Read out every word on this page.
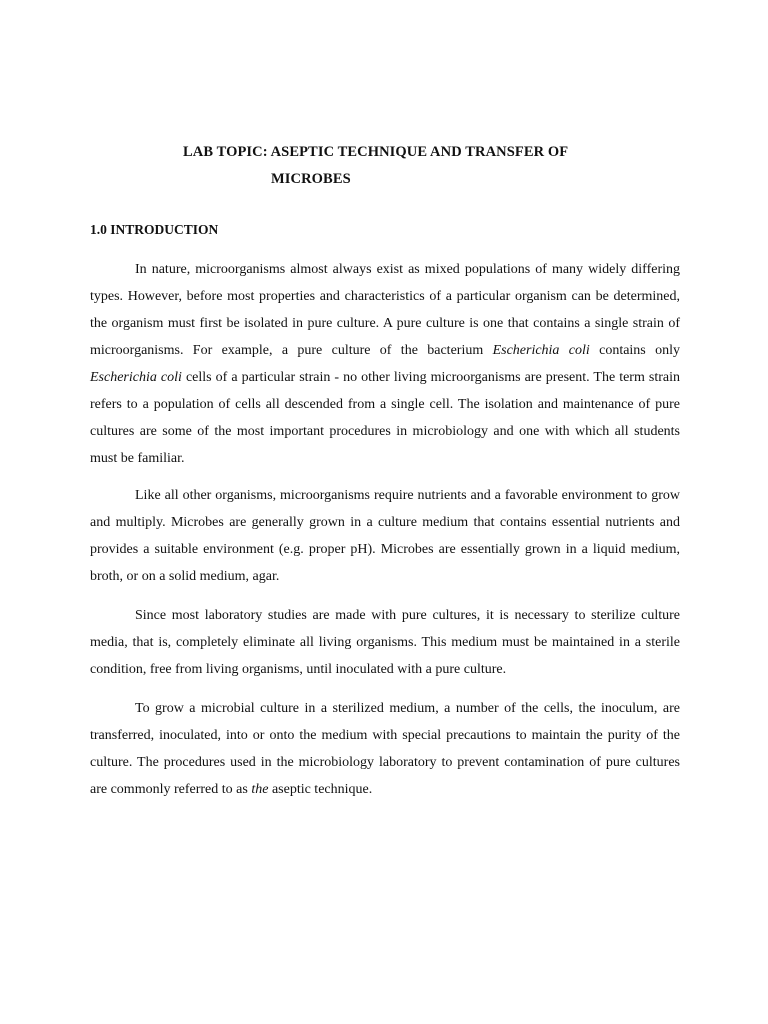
LAB TOPIC: ASEPTIC TECHNIQUE AND TRANSFER OF
MICROBES
1.0 INTRODUCTION

In nature, microorganisms almost always exist as mixed populations of many widely differing types. However, before most properties and characteristics of a particular organism can be determined, the organism must first be isolated in pure culture. A pure culture is one that contains a single strain of microorganisms. For example, a pure culture of the bacterium Escherichia coli contains only Escherichia coli cells of a particular strain - no other living microorganisms are present. The term strain refers to a population of cells all descended from a single cell. The isolation and maintenance of pure cultures are some of the most important procedures in microbiology and one with which all students must be familiar.

Like all other organisms, microorganisms require nutrients and a favorable environment to grow and multiply. Microbes are generally grown in a culture medium that contains essential nutrients and provides a suitable environment (e.g. proper pH). Microbes are essentially grown in a liquid medium, broth, or on a solid medium, agar.

Since most laboratory studies are made with pure cultures, it is necessary to sterilize culture media, that is, completely eliminate all living organisms. This medium must be maintained in a sterile condition, free from living organisms, until inoculated with a pure culture.

To grow a microbial culture in a sterilized medium, a number of the cells, the inoculum, are transferred, inoculated, into or onto the medium with special precautions to maintain the purity of the culture. The procedures used in the microbiology laboratory to prevent contamination of pure cultures are commonly referred to as the aseptic technique.
